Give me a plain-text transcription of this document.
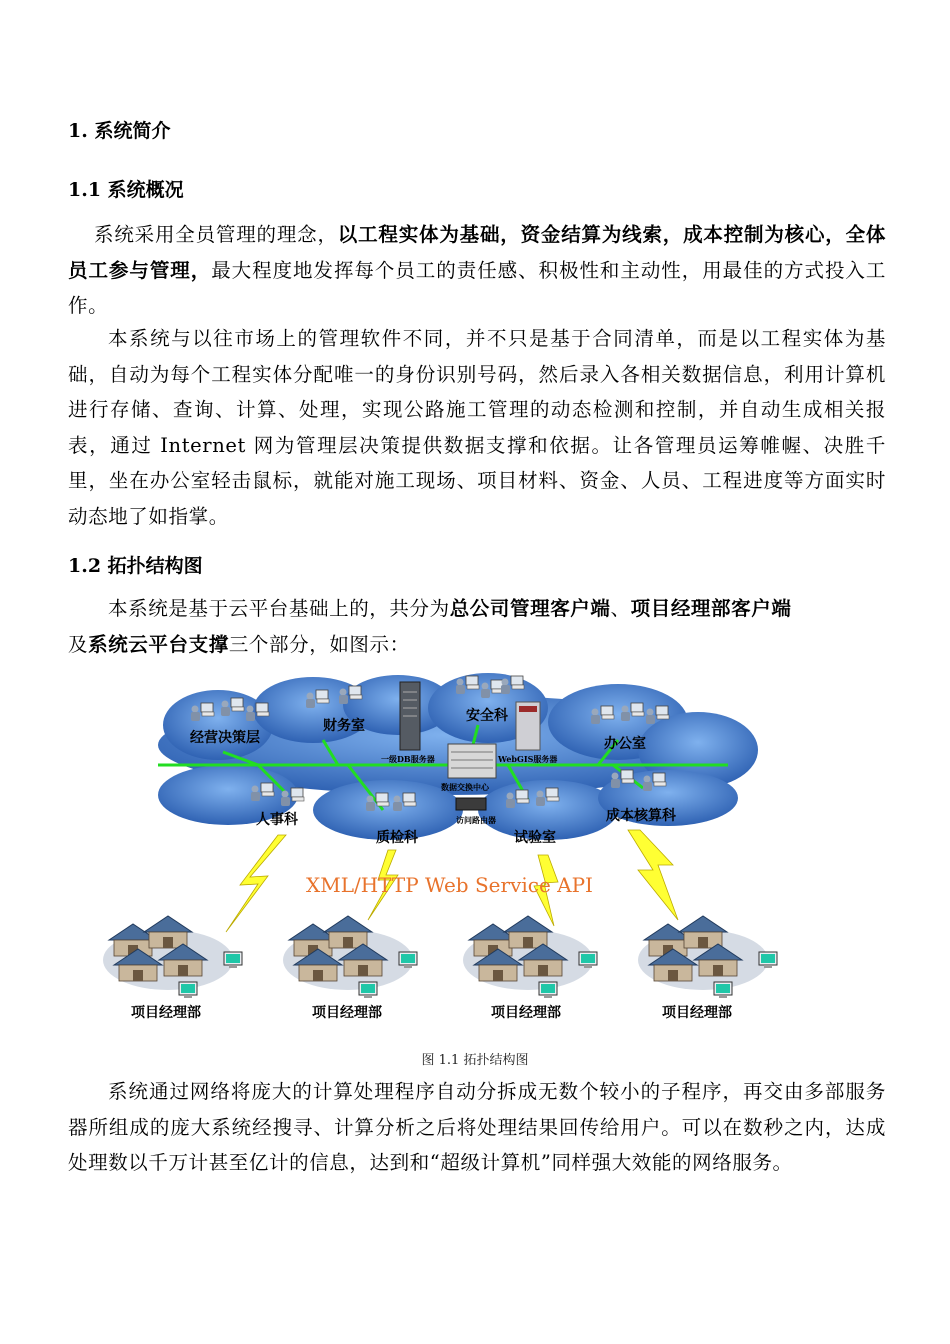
1. 系统简介
1.1 系统概况

系统采用全员管理的理念，以工程实体为基础，资金结算为线索，成本控制为核心，全体员工参与管理，最大程度地发挥每个员工的责任感、积极性和主动性，用最佳的方式投入工作。

本系统与以往市场上的管理软件不同，并不只是基于合同清单，而是以工程实体为基础，自动为每个工程实体分配唯一的身份识别号码，然后录入各相关数据信息，利用计算机进行存储、查询、计算、处理，实现公路施工管理的动态检测和控制，并自动生成相关报表，通过 Internet 网为管理层决策提供数据支撑和依据。让各管理员运筹帷幄、决胜千里，坐在办公室轻击鼠标，就能对施工现场、项目材料、资金、人员、工程进度等方面实时动态地了如指掌。

1.2 拓扑结构图

本系统是基于云平台基础上的，共分为总公司管理客户端、项目经理部客户端
及系统云平台支撑三个部分，如图示：

经营决策层
财务室
安全科
办公室
人事科
质检科	试验室
成本核算科
一级DB服务器	WebGIS服务器
数据交换中心
访问路由器
XML/HTTP Web Service API
项目经理部	项目经理部	项目经理部	项目经理部
图 1.1 拓扑结构图

系统通过网络将庞大的计算处理程序自动分拆成无数个较小的子程序，再交由多部服务器所组成的庞大系统经搜寻、计算分析之后将处理结果回传给用户。可以在数秒之内，达成处理数以千万计甚至亿计的信息，达到和“超级计算机”同样强大效能的网络服务。
